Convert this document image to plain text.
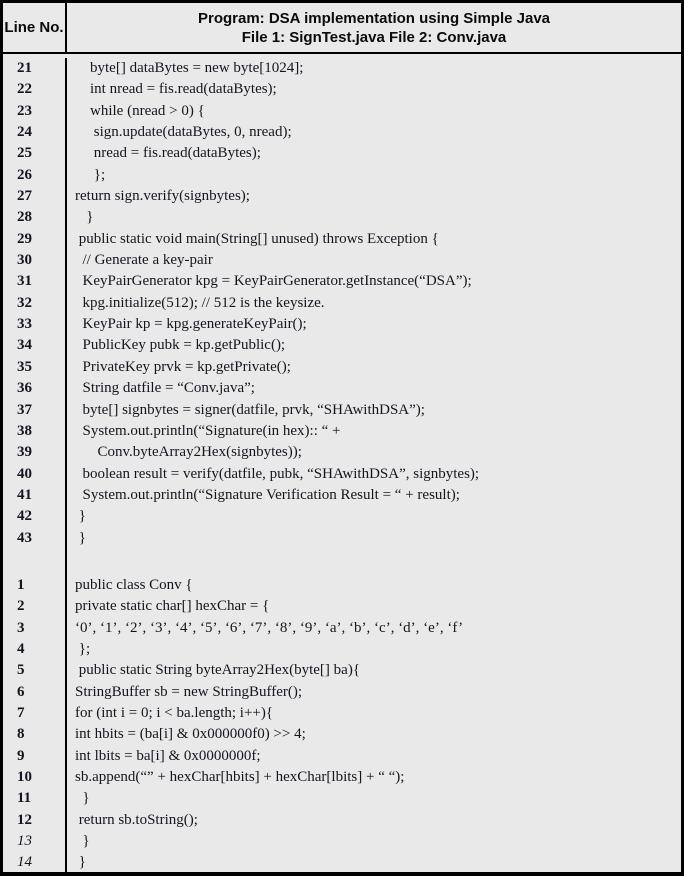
Line No.
Program: DSA implementation using Simple Java
File 1: SignTest.java File 2: Conv.java
21	byte[] dataBytes = new byte[1024];
22	int nread = fis.read(dataBytes);
23	while (nread > 0) {
24	sign.update(dataBytes, 0, nread);
25	nread = fis.read(dataBytes);
26	};
27	return sign.verify(signbytes);
28	}
29	public static void main(String[] unused) throws Exception {
30	// Generate a key-pair
31	KeyPairGenerator kpg = KeyPairGenerator.getInstance(“DSA”);
32	kpg.initialize(512); // 512 is the keysize.
33	KeyPair kp = kpg.generateKeyPair();
34	PublicKey pubk = kp.getPublic();
35	PrivateKey prvk = kp.getPrivate();
36	String datfile = “Conv.java”;
37	byte[] signbytes = signer(datfile, prvk, “SHAwithDSA”);
38	System.out.println(“Signature(in hex):: “ +
39	Conv.byteArray2Hex(signbytes));
40	boolean result = verify(datfile, pubk, “SHAwithDSA”, signbytes);
41	System.out.println(“Signature Verification Result = “ + result);
42	}
43	}
1	public class Conv {
2	private static char[] hexChar = {
3	‘0’, ‘1’, ‘2’, ‘3’, ‘4’, ‘5’, ‘6’, ‘7’, ‘8’, ‘9’, ‘a’, ‘b’, ‘c’, ‘d’, ‘e’, ‘f’
4	};
5	public static String byteArray2Hex(byte[] ba){
6	StringBuffer sb = new StringBuffer();
7	for (int i = 0; i < ba.length; i++){
8	int hbits = (ba[i] & 0x000000f0) >> 4;
9	int lbits = ba[i] & 0x0000000f;
10	sb.append(“” + hexChar[hbits] + hexChar[lbits] + “ “);
11	}
12	return sb.toString();
13	}
14	}
